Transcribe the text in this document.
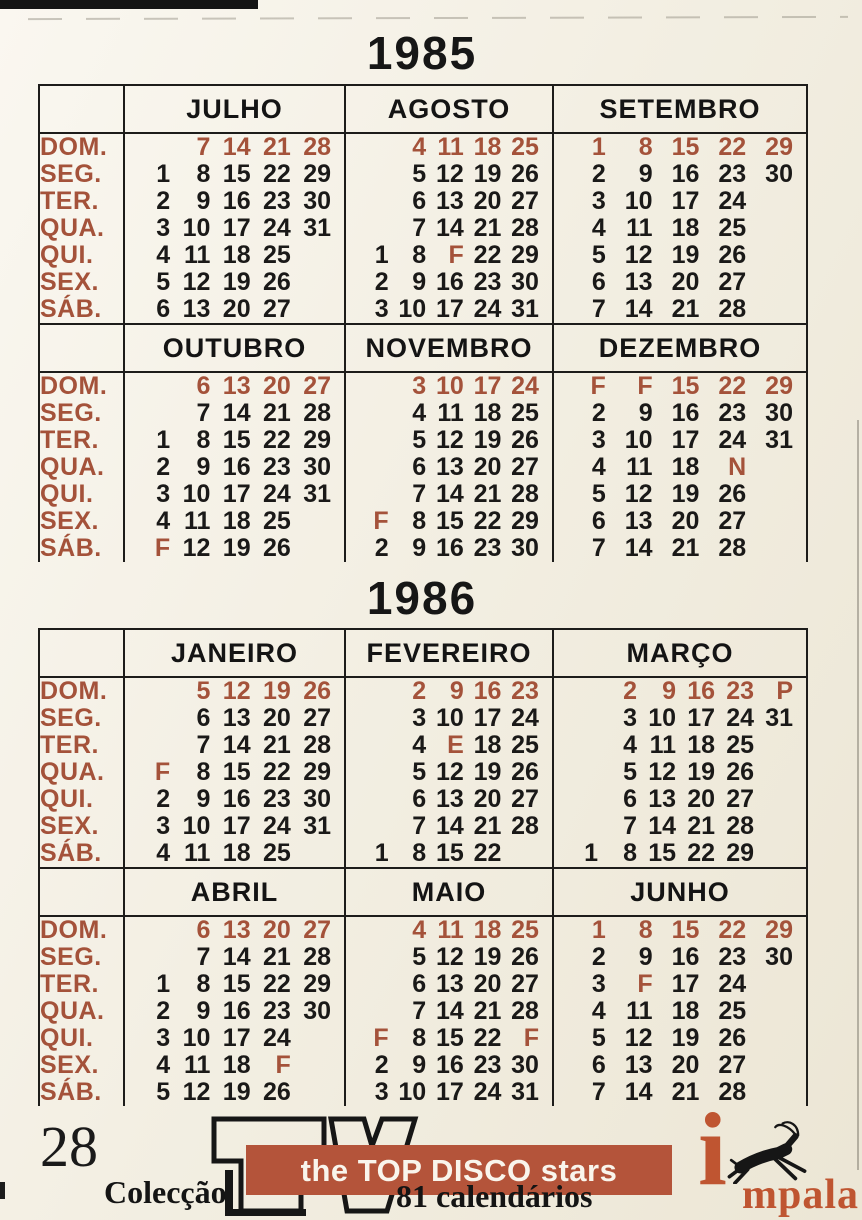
1985
	JULHO	AGOSTO	SETEMBRO
DOM.	7 14 21 28	4 11 18 25	1 8 15 22 29

SEG.	1 8 15 22 29	5 12 19 26	2 9 16 23 30

TER.	2 9 16 23 30	6 13 20 27	3 10 17 24

QUA.	3 10 17 24 31	7 14 21 28	4 11 18 25

QUI.	4 11 18 25	1 8 F 22 29	5 12 19 26

SEX.	5 12 19 26	2 9 16 23 30	6 13 20 27

SÁB.	6 13 20 27	3 10 17 24 31	7 14 21 28

	OUTUBRO	NOVEMBRO	DEZEMBRO
DOM.	6 13 20 27	3 10 17 24	F F 15 22 29

SEG.	7 14 21 28	4 11 18 25	2 9 16 23 30

TER.	1 8 15 22 29	5 12 19 26	3 10 17 24 31

QUA.	2 9 16 23 30	6 13 20 27	4 11 18 N

QUI.	3 10 17 24 31	7 14 21 28	5 12 19 26

SEX.	4 11 18 25	F 8 15 22 29	6 13 20 27

SÁB.	F 12 19 26	2 9 16 23 30	7 14 21 28
1986
	JANEIRO	FEVEREIRO	MARÇO
DOM.	5 12 19 26	2 9 16 23	2 9 16 23 P

SEG.	6 13 20 27	3 10 17 24	3 10 17 24 31

TER.	7 14 21 28	4 E 18 25	4 11 18 25

QUA.	F 8 15 22 29	5 12 19 26	5 12 19 26

QUI.	2 9 16 23 30	6 13 20 27	6 13 20 27

SEX.	3 10 17 24 31	7 14 21 28	7 14 21 28

SÁB.	4 11 18 25	1 8 15 22	1 8 15 22 29

	ABRIL	MAIO	JUNHO
DOM.	6 13 20 27	4 11 18 25	1 8 15 22 29

SEG.	7 14 21 28	5 12 19 26	2 9 16 23 30

TER.	1 8 15 22 29	6 13 20 27	3 F 17 24

QUA.	2 9 16 23 30	7 14 21 28	4 11 18 25

QUI.	3 10 17 24	F 8 15 22 F	5 12 19 26

SEX.	4 11 18 F	2 9 16 23 30	6 13 20 27

SÁB.	5 12 19 26	3 10 17 24 31	7 14 21 28
28
Colecção
the TOP DISCO stars
81 calendários i mpala
